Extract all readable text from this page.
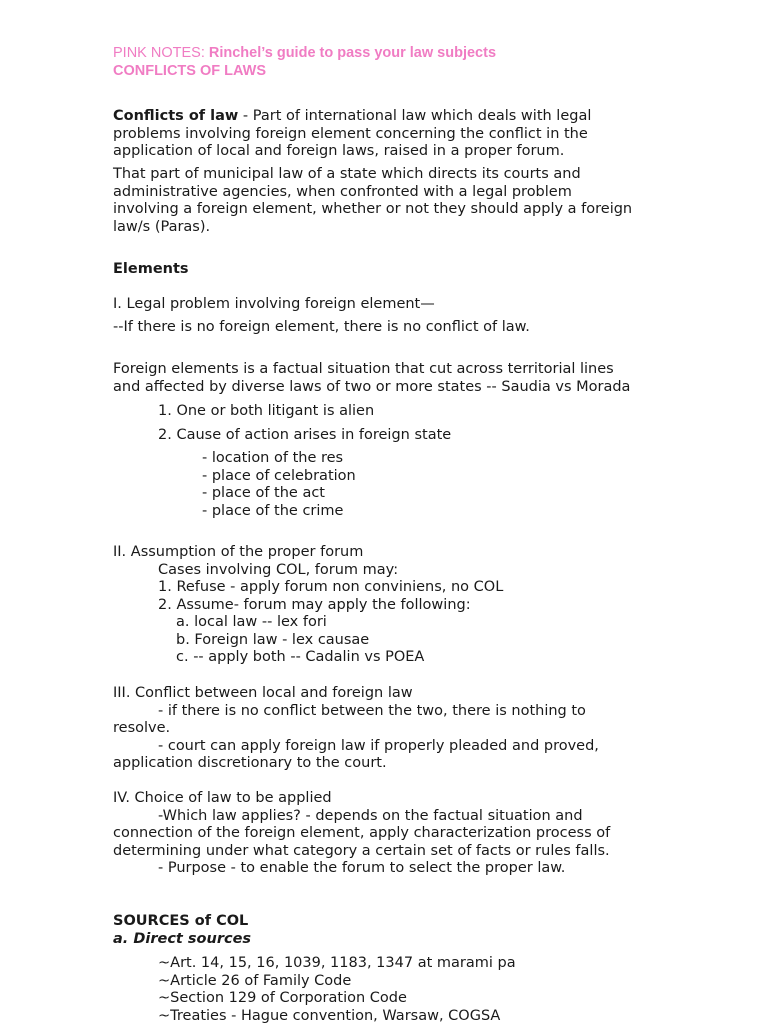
PINK NOTES: Rinchel’s guide to pass your law subjects
CONFLICTS OF LAWS
Conflicts of law - Part of international law which deals with legal
problems involving foreign element concerning the conflict in the
application of local and foreign laws, raised in a proper forum.
That part of municipal law of a state which directs its courts and
administrative agencies, when confronted with a legal problem
involving a foreign element, whether or not they should apply a foreign
law/s (Paras).
Elements
I. Legal problem involving foreign element—
--If there is no foreign element, there is no conflict of law.
Foreign elements is a factual situation that cut across territorial lines
and affected by diverse laws of two or more states -- Saudia vs Morada
1. One or both litigant is alien
2. Cause of action arises in foreign state
- location of the res
- place of celebration
- place of the act
- place of the crime
II. Assumption of the proper forum
Cases involving COL, forum may:
1. Refuse - apply forum non conviniens, no COL
2. Assume- forum may apply the following:
a. local law -- lex fori
b. Foreign law - lex causae
c. -- apply both -- Cadalin vs POEA
III. Conflict between local and foreign law
- if there is no conflict between the two, there is nothing to
resolve.
- court can apply foreign law if properly pleaded and proved,
application discretionary to the court.
IV. Choice of law to be applied
-Which law applies? - depends on the factual situation and
connection of the foreign element, apply characterization process of
determining under what category a certain set of facts or rules falls.
- Purpose - to enable the forum to select the proper law.
SOURCES of COL
a. Direct sources
~Art. 14, 15, 16, 1039, 1183, 1347 at marami pa
~Article 26 of Family Code
~Section 129 of Corporation Code
~Treaties - Hague convention, Warsaw, COGSA
